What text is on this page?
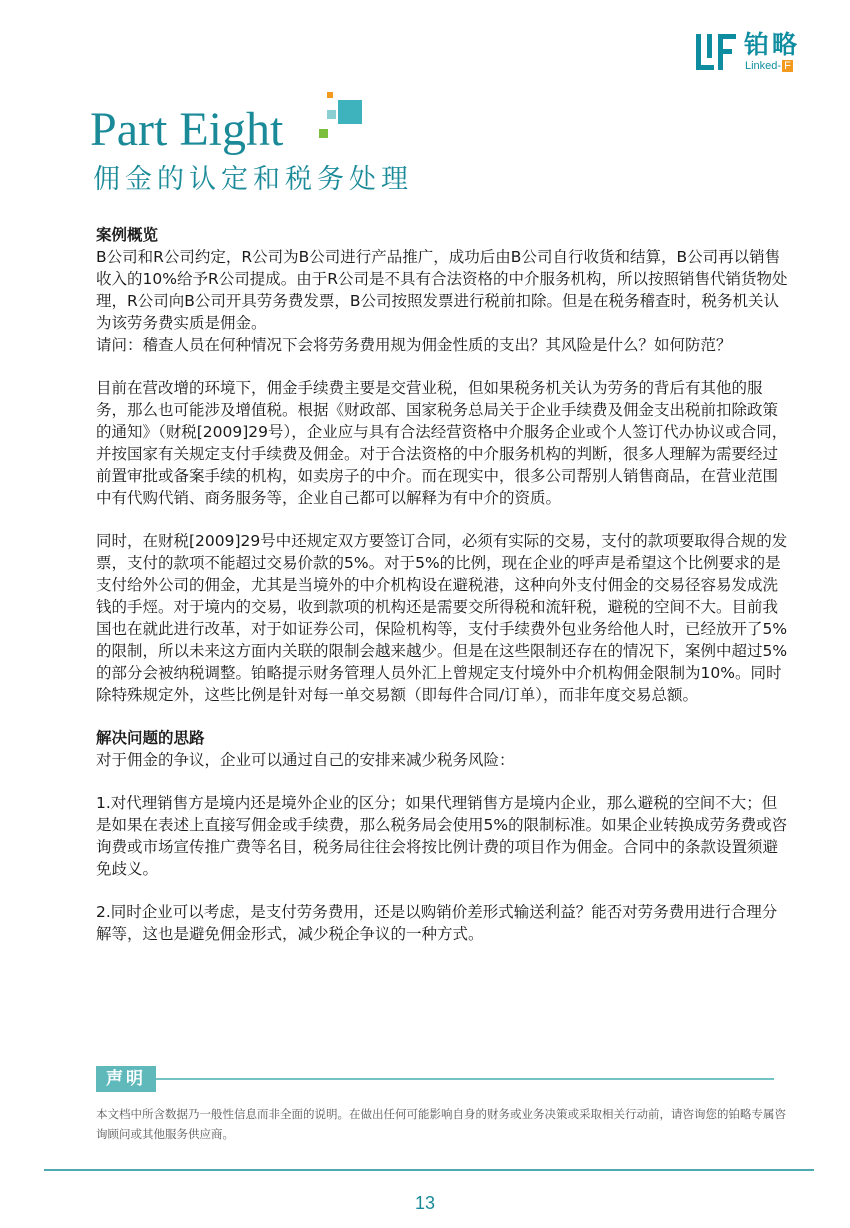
铂略
Linked- F
Part Eight
佣金的认定和税务处理

案例概览

B公司和R公司约定，R公司为B公司进行产品推广，成功后由B公司自行收货和结算，B公司再以销售收入的10%给予R公司提成。由于R公司是不具有合法资格的中介服务机构，所以按照销售代销货物处理，R公司向B公司开具劳务费发票，B公司按照发票进行税前扣除。但是在税务稽查时，税务机关认为该劳务费实质是佣金。

请问：稽查人员在何种情况下会将劳务费用规为佣金性质的支出？其风险是什么？如何防范？

目前在营改增的环境下，佣金手续费主要是交营业税，但如果税务机关认为劳务的背后有其他的服务，那么也可能涉及增值税。根据《财政部、国家税务总局关于企业手续费及佣金支出税前扣除政策的通知》（财税[2009]29号），企业应与具有合法经营资格中介服务企业或个人签订代办协议或合同，并按国家有关规定支付手续费及佣金。对于合法资格的中介服务机构的判断，很多人理解为需要经过前置审批或备案手续的机构，如卖房子的中介。而在现实中，很多公司帮别人销售商品，在营业范围中有代购代销、商务服务等，企业自己都可以解释为有中介的资质。

同时，在财税[2009]29号中还规定双方要签订合同，必须有实际的交易，支付的款项要取得合规的发票，支付的款项不能超过交易价款的5%。对于5%的比例，现在企业的呼声是希望这个比例要求的是支付给外公司的佣金，尤其是当境外的中介机构设在避税港，这种向外支付佣金的交易径容易发成洗钱的手烴。对于境内的交易，收到款项的机构还是需要交所得税和流轩税，避税的空间不大。目前我国也在就此进行改革，对于如证券公司，保险机构等，支付手续费外包业务给他人时，已经放开了5%的限制，所以未来这方面内关联的限制会越来越少。但是在这些限制还存在的情况下，案例中超过5%的部分会被纳税调整。铂略提示财务管理人员外汇上曾规定支付境外中介机构佣金限制为10%。同时除特殊规定外，这些比例是针对每一单交易额（即每件合同/订单），而非年度交易总额。

解决问题的思路

对于佣金的争议，企业可以通过自己的安排来减少税务风险：

1.对代理销售方是境内还是境外企业的区分；如果代理销售方是境内企业，那么避税的空间不大；但是如果在表述上直接写佣金或手续费，那么税务局会使用5%的限制标准。如果企业转换成劳务费或咨询费或市场宣传推广费等名目，税务局往往会将按比例计费的项目作为佣金。合同中的条款设置须避免歧义。

2.同时企业可以考虑，是支付劳务费用，还是以购销价差形式输送利益？能否对劳务费用进行合理分解等，这也是避免佣金形式，减少税企争议的一种方式。

声明
本文档中所含数据乃一般性信息而非全面的说明。在做出任何可能影响自身的财务或业务决策或采取相关行动前，请咨询您的铂略专属咨询顾问或其他服务供应商。
13
